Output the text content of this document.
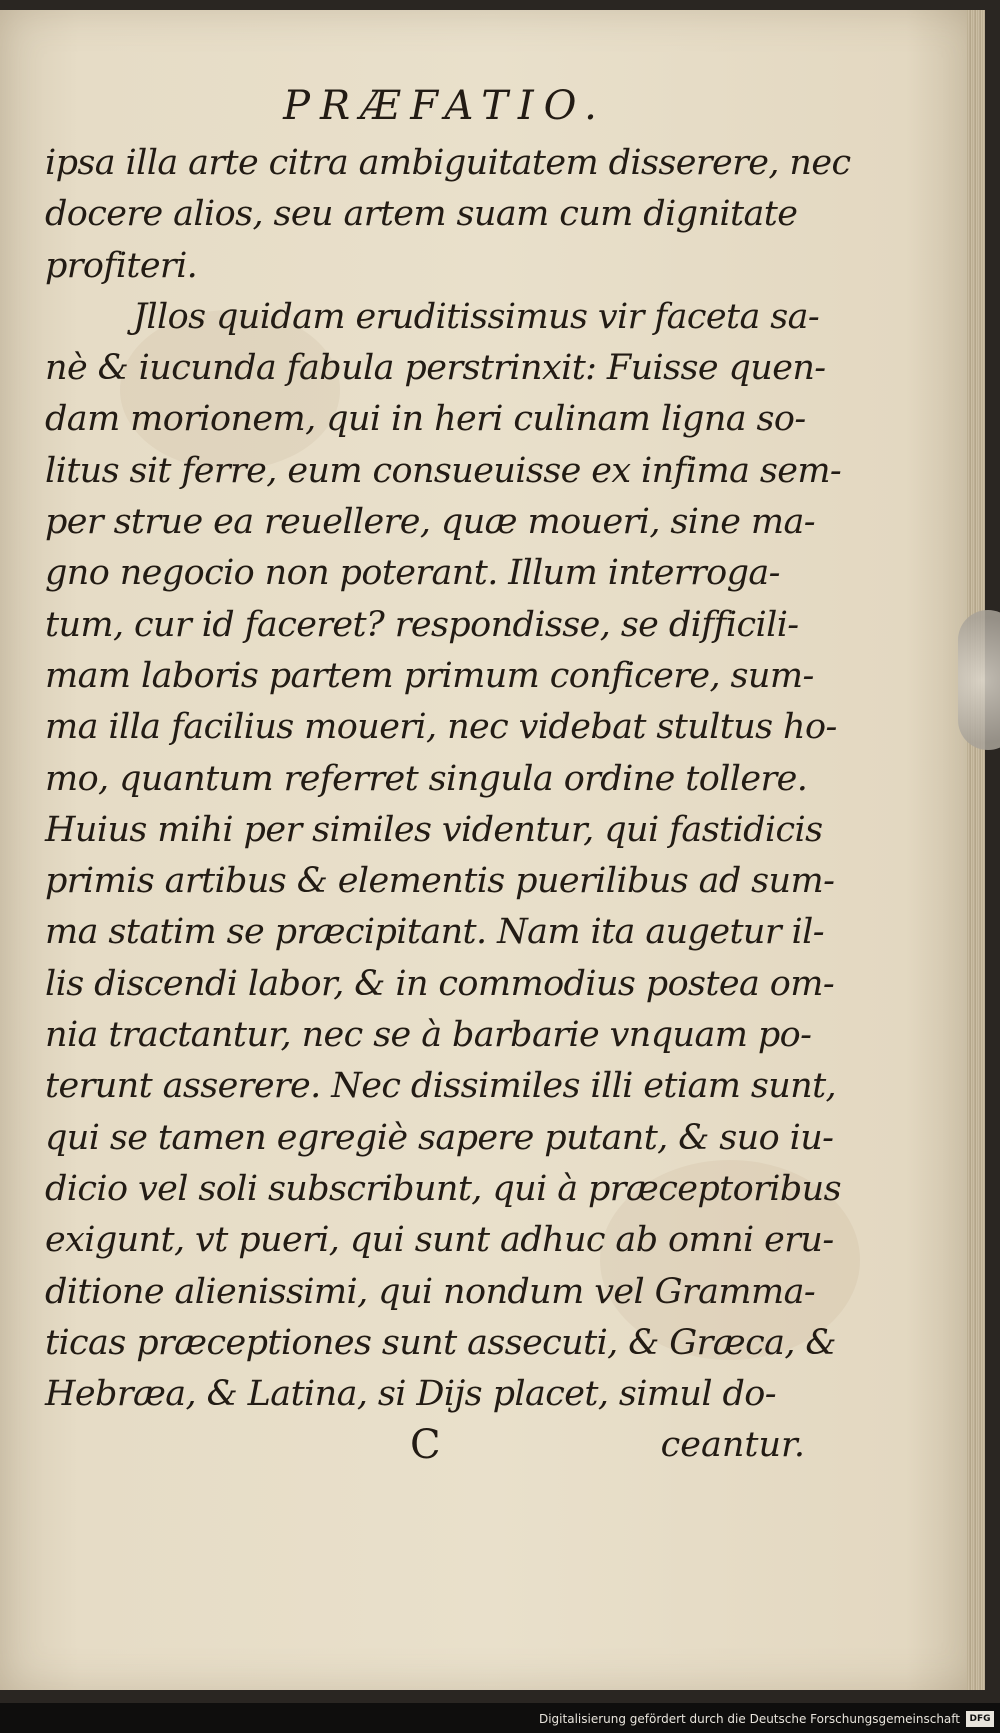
PRÆFATIO.
ipsa illa arte citra ambiguitatem disserere, nec
docere alios, seu artem suam cum dignitate
profiteri.
Jllos quidam eruditissimus vir faceta sa-
nè & iucunda fabula perstrinxit: Fuisse quen-
dam morionem, qui in heri culinam ligna so-
litus sit ferre, eum consueuisse ex infima sem-
per strue ea reuellere, quæ moueri, sine ma-
gno negocio non poterant. Illum interroga-
tum, cur id faceret? respondisse, se difficili-
mam laboris partem primum conficere, sum-
ma illa facilius moueri, nec videbat stultus ho-
mo, quantum referret singula ordine tollere.
Huius mihi per similes videntur, qui fastidicis
primis artibus & elementis puerilibus ad sum-
ma statim se præcipitant. Nam ita augetur il-
lis discendi labor, & in commodius postea om-
nia tractantur, nec se à barbarie vnquam po-
terunt asserere. Nec dissimiles illi etiam sunt,
qui se tamen egregiè sapere putant, & suo iu-
dicio vel soli subscribunt, qui à præceptoribus
exigunt, vt pueri, qui sunt adhuc ab omni eru-
ditione alienissimi, qui nondum vel Gramma-
ticas præceptiones sunt assecuti, & Græca, &
Hebræa, & Latina, si Dijs placet, simul do-
C	ceantur.
Digitalisierung gefördert durch die Deutsche Forschungsgemeinschaft	DFG
